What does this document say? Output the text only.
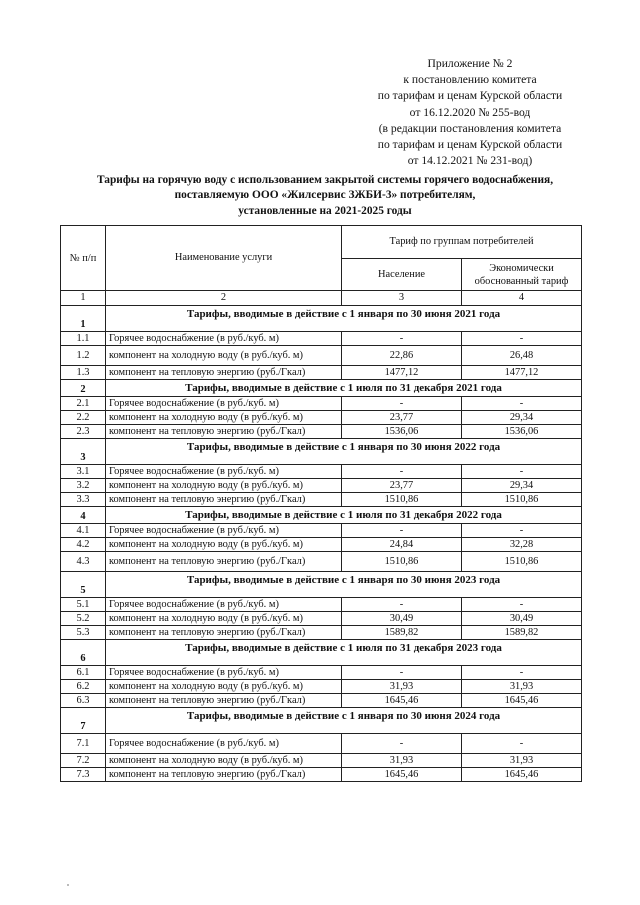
Приложение № 2
к постановлению комитета
по тарифам и ценам Курской области
от 16.12.2020 № 255-вод
(в редакции постановления комитета
по тарифам и ценам Курской области
от 14.12.2021 № 231-вод)
Тарифы на горячую воду с использованием закрытой системы горячего водоснабжения,
поставляемую ООО «Жилсервис ЗЖБИ-3» потребителям,
установленные на 2021-2025 годы
№ п/п	Наименование услуги	Тариф по группам потребителей	
		Население	Экономически обоснованный тариф
1	2	3	4
1	Тарифы, вводимые в действие с 1 января по 30 июня 2021 года		
1.1	Горячее водоснабжение (в руб./куб. м)	-	-
1.2	компонент на холодную воду (в руб./куб. м)	22,86	26,48
1.3	компонент на тепловую энергию (руб./Гкал)	1477,12	1477,12
2	Тарифы, вводимые в действие с 1 июля по 31 декабря 2021 года		
2.1	Горячее водоснабжение (в руб./куб. м)	-	-
2.2	компонент на холодную воду (в руб./куб. м)	23,77	29,34
2.3	компонент на тепловую энергию (руб./Гкал)	1536,06	1536,06
3	Тарифы, вводимые в действие с 1 января по 30 июня 2022 года		
3.1	Горячее водоснабжение (в руб./куб. м)	-	-
3.2	компонент на холодную воду (в руб./куб. м)	23,77	29,34
3.3	компонент на тепловую энергию (руб./Гкал)	1510,86	1510,86
4	Тарифы, вводимые в действие с 1 июля по 31 декабря 2022 года		
4.1	Горячее водоснабжение (в руб./куб. м)	-	-
4.2	компонент на холодную воду (в руб./куб. м)	24,84	32,28
4.3	компонент на тепловую энергию (руб./Гкал)	1510,86	1510,86
5	Тарифы, вводимые в действие с 1 января по 30 июня 2023 года		
5.1	Горячее водоснабжение (в руб./куб. м)	-	-
5.2	компонент на холодную воду (в руб./куб. м)	30,49	30,49
5.3	компонент на тепловую энергию (руб./Гкал)	1589,82	1589,82
6	Тарифы, вводимые в действие с 1 июля по 31 декабря 2023 года		
6.1	Горячее водоснабжение (в руб./куб. м)	-	-
6.2	компонент на холодную воду (в руб./куб. м)	31,93	31,93
6.3	компонент на тепловую энергию (руб./Гкал)	1645,46	1645,46
7	Тарифы, вводимые в действие с 1 января по 30 июня 2024 года		
7.1	Горячее водоснабжение (в руб./куб. м)	-	-
7.2	компонент на холодную воду (в руб./куб. м)	31,93	31,93
7.3	компонент на тепловую энергию (руб./Гкал)	1645,46	1645,46
